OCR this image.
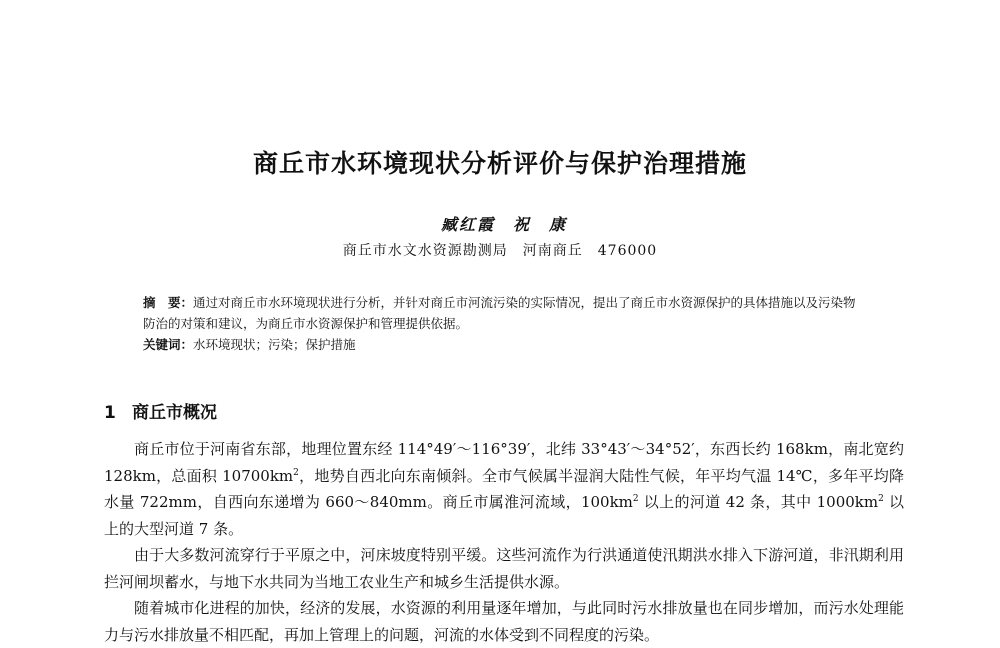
商丘市水环境现状分析评价与保护治理措施
臧红霞　祝　康
商丘市水文水资源勘测局　河南商丘　476000
摘　要：通过对商丘市水环境现状进行分析，并针对商丘市河流污染的实际情况，提出了商丘市水资源保护的具体措施以及污染物防治的对策和建议，为商丘市水资源保护和管理提供依据。
关键词：水环境现状；污染；保护措施
1 商丘市概况

商丘市位于河南省东部，地理位置东经 114°49′～116°39′，北纬 33°43′～34°52′，东西长约 168km，南北宽约 128km，总面积 $10700km^2$，地势自西北向东南倾斜。全市气候属半湿润大陆性气候，年平均气温 14℃，多年平均降水量 722mm，自西向东递增为 660～840mm。商丘市属淮河流域，$100km^2$ 以上的河道 42 条，其中 $1000km^2$ 以上的大型河道 7 条。

由于大多数河流穿行于平原之中，河床坡度特别平缓。这些河流作为行洪通道使汛期洪水排入下游河道，非汛期利用拦河闸坝蓄水，与地下水共同为当地工农业生产和城乡生活提供水源。

随着城市化进程的加快，经济的发展，水资源的利用量逐年增加，与此同时污水排放量也在同步增加，而污水处理能力与污水排放量不相匹配，再加上管理上的问题，河流的水体受到不同程度的污染。
